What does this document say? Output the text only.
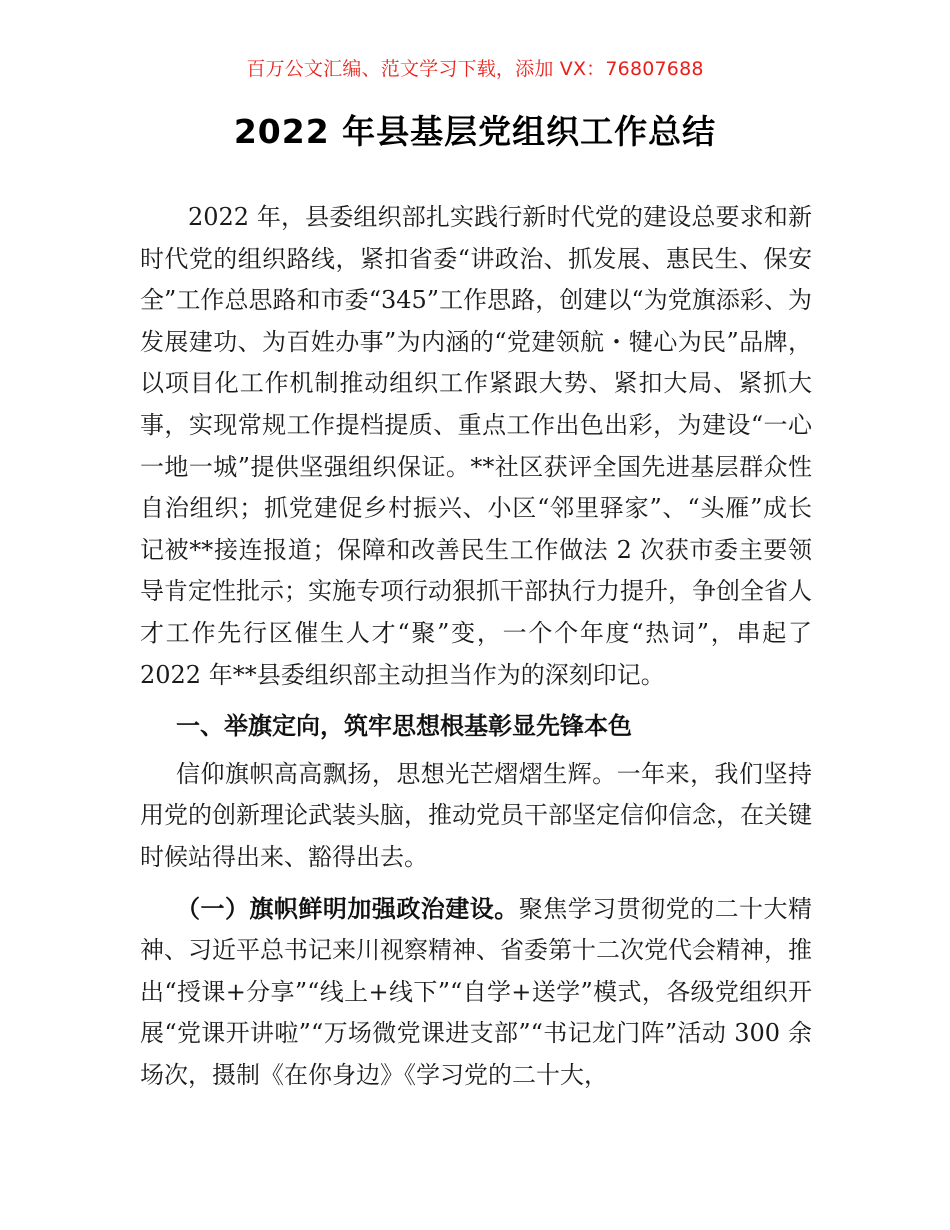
百万公文汇编、范文学习下载，添加 VX：76807688
2022 年县基层党组织工作总结

2022 年，县委组织部扎实践行新时代党的建设总要求和新时代党的组织路线，紧扣省委“讲政治、抓发展、惠民生、保安全”工作总思路和市委“345”工作思路，创建以“为党旗添彩、为发展建功、为百姓办事”为内涵的“党建领航・犍心为民”品牌，以项目化工作机制推动组织工作紧跟大势、紧扣大局、紧抓大事，实现常规工作提档提质、重点工作出色出彩，为建设“一心一地一城”提供坚强组织保证。**社区获评全国先进基层群众性自治组织；抓党建促乡村振兴、小区“邻里驿家”、“头雁”成长记被**接连报道；保障和改善民生工作做法 2 次获市委主要领导肯定性批示；实施专项行动狠抓干部执行力提升，争创全省人才工作先行区催生人才“聚”变，一个个年度“热词”，串起了 2022 年**县委组织部主动担当作为的深刻印记。

一、举旗定向，筑牢思想根基彰显先锋本色

信仰旗帜高高飘扬，思想光芒熠熠生辉。一年来，我们坚持用党的创新理论武装头脑，推动党员干部坚定信仰信念，在关键时候站得出来、豁得出去。

（一）旗帜鲜明加强政治建设。聚焦学习贯彻党的二十大精神、习近平总书记来川视察精神、省委第十二次党代会精神，推出“授课+分享”“线上+线下”“自学+送学”模式，各级党组织开展“党课开讲啦”“万场微党课进支部”“书记龙门阵”活动 300 余场次，摄制《在你身边》《学习党的二十大，
